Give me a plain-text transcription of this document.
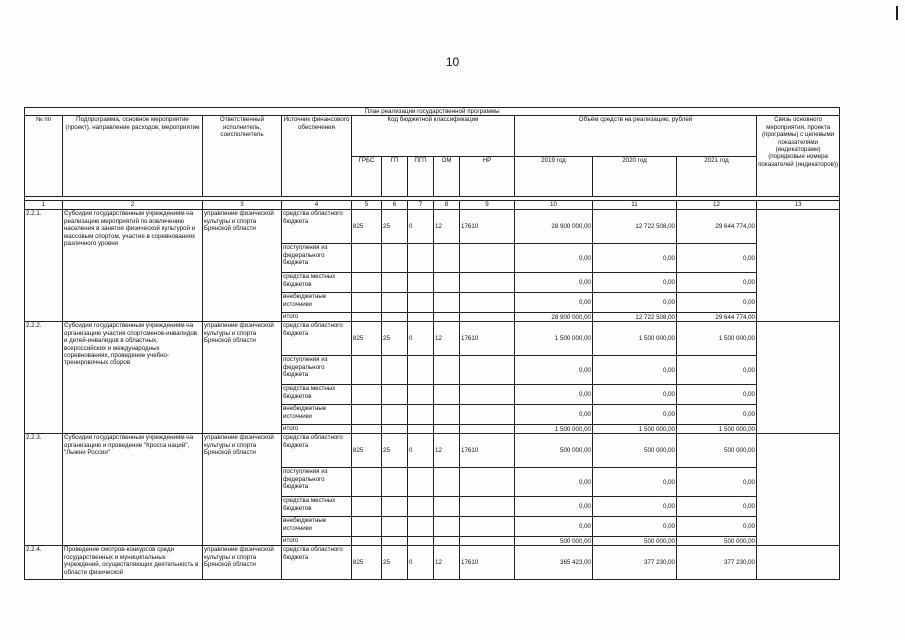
10
План реализации государственной программы												
№ пп	Подпрограмма, основное мероприятие (проект), направление расходов, мероприятие	Ответственный исполнитель, соисполнитель	Источник финансового обеспечения	Код бюджетной классификации					Объём средств на реализацию, рублей			Связь основного мероприятия, проекта (программы) с целевыми показателями (индикаторами) (порядковые номера показателей (индикаторов))
				ГРБС	ГП	ПГП	ОМ	НР	2019 год	2020 год	2021 год	

1	2	3	4	5	6	7	8	9	10	11	12	13
2.2.1.	Субсидии государственным учреждениям на реализацию мероприятий по вовлечению населения в занятия физической культурой и массовым спортом, участие в соревнованиях различного уровня	управление физической культуры и спорта Брянской области	средства областного бюджета	825	25	0	12	17610	28 900 000,00	12 722 508,00	29 644 774,00	
			поступления из федерального бюджета						0,00	0,00	0,00	
			средства местных бюджетов						0,00	0,00	0,00	
			внебюджетные источники						0,00	0,00	0,00	
			итого						28 900 000,00	12 722 508,00	29 644 774,00	
2.2.2.	Субсидии государственным учреждениям на организацию участия спортсменов-инвалидов и детей-инвалидов в областных, всероссийских и международных соревнованиях, проведение учебно-тренировочных сборов	управление физической культуры и спорта Брянской области	средства областного бюджета	825	25	0	12	17610	1 500 000,00	1 500 000,00	1 500 000,00	
			поступления из федерального бюджета						0,00	0,00	0,00	
			средства местных бюджетов						0,00	0,00	0,00	
			внебюджетные источники						0,00	0,00	0,00	
			итого						1 500 000,00	1 500 000,00	1 500 000,00	
2.2.3.	Субсидии государственным учреждениям на организацию и проведение "Кросса наций", "Лыжни России"	управление физической культуры и спорта Брянской области	средства областного бюджета	825	25	0	12	17610	500 000,00	500 000,00	500 000,00	
			поступления из федерального бюджета						0,00	0,00	0,00	
			средства местных бюджетов						0,00	0,00	0,00	
			внебюджетные источники						0,00	0,00	0,00	
			итого						500 000,00	500 000,00	500 000,00	
2.2.4.	Проведение смотров-конкурсов среди государственных и муниципальных учреждений, осуществляющих деятельность в области физической	управление физической культуры и спорта Брянской области	средства областного бюджета	825	25	0	12	17610	365 423,00	377 230,00	377 230,00	
